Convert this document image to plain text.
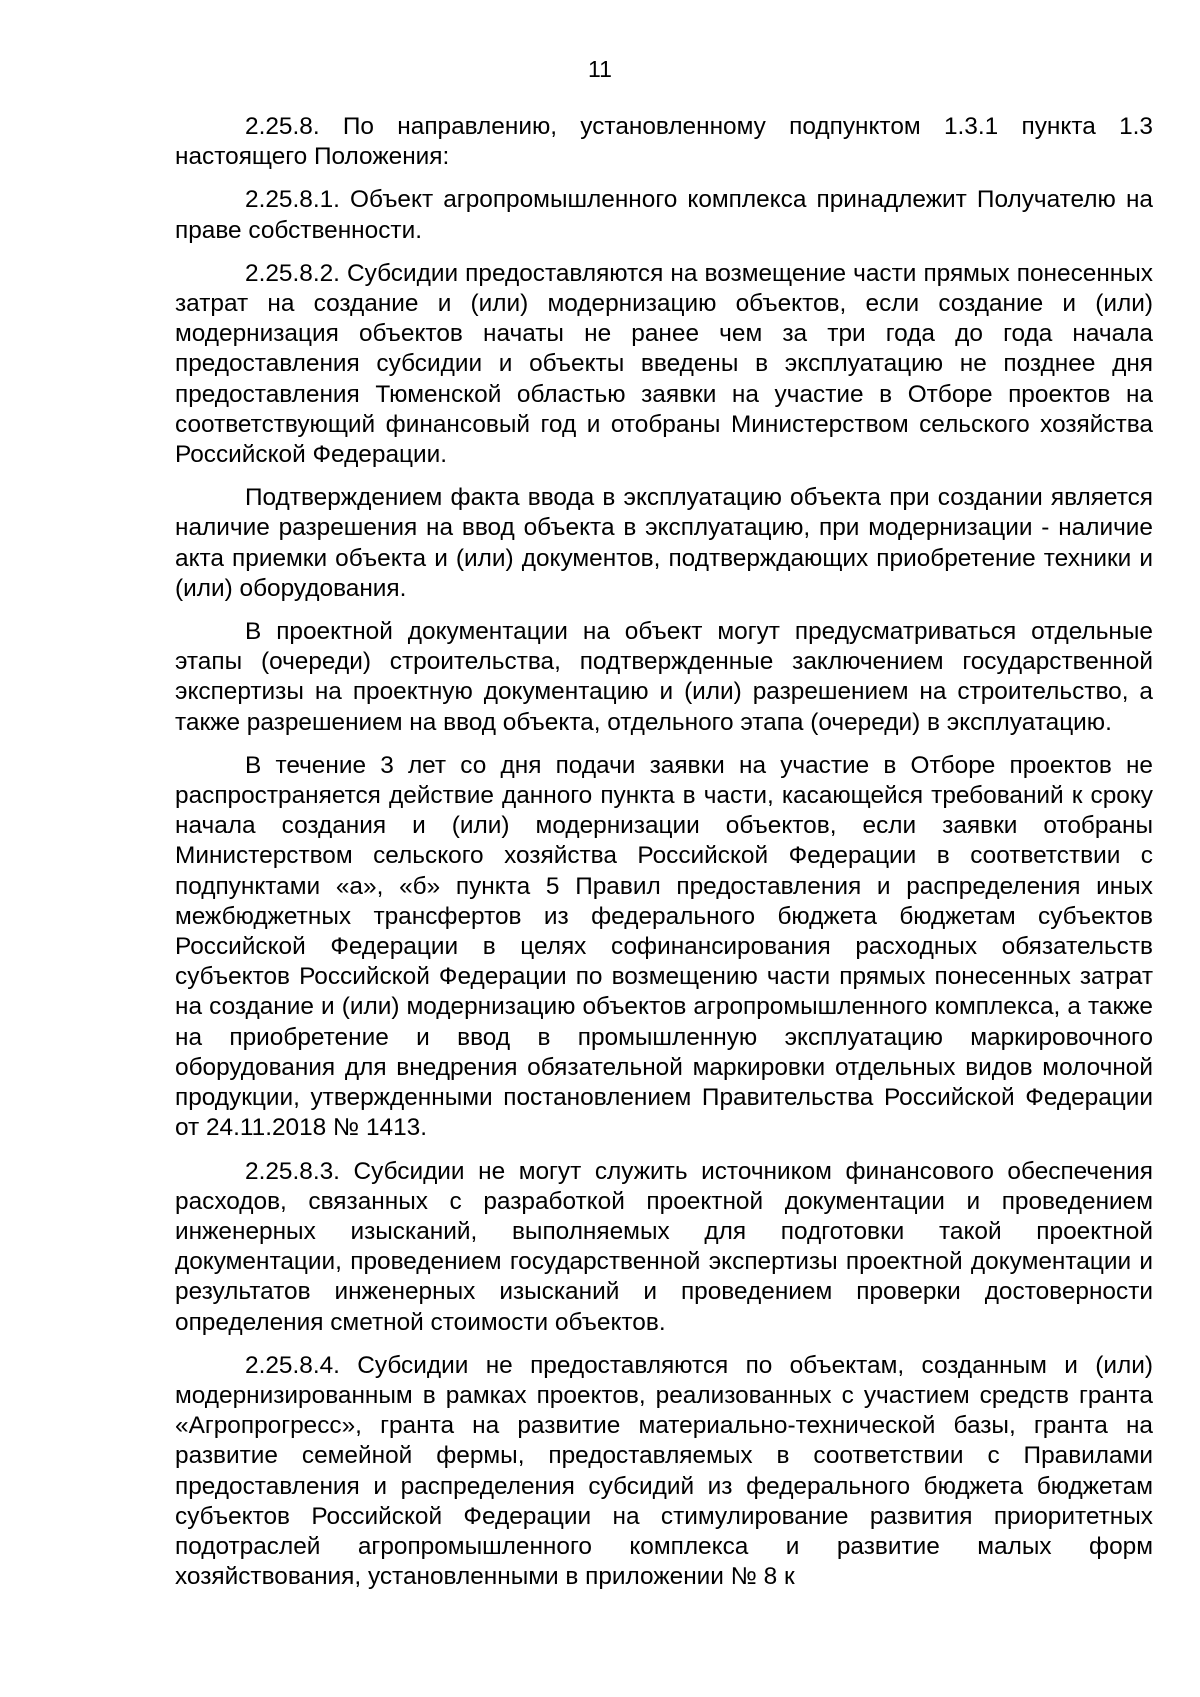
11

2.25.8. По направлению, установленному подпунктом 1.3.1 пункта 1.3 настоящего Положения:

2.25.8.1. Объект агропромышленного комплекса принадлежит Получателю на праве собственности.

2.25.8.2. Субсидии предоставляются на возмещение части прямых понесенных затрат на создание и (или) модернизацию объектов, если создание и (или) модернизация объектов начаты не ранее чем за три года до года начала предоставления субсидии и объекты введены в эксплуатацию не позднее дня предоставления Тюменской областью заявки на участие в Отборе проектов на соответствующий финансовый год и отобраны Министерством сельского хозяйства Российской Федерации.

Подтверждением факта ввода в эксплуатацию объекта при создании является наличие разрешения на ввод объекта в эксплуатацию, при модернизации - наличие акта приемки объекта и (или) документов, подтверждающих приобретение техники и (или) оборудования.

В проектной документации на объект могут предусматриваться отдельные этапы (очереди) строительства, подтвержденные заключением государственной экспертизы на проектную документацию и (или) разрешением на строительство, а также разрешением на ввод объекта, отдельного этапа (очереди) в эксплуатацию.

В течение 3 лет со дня подачи заявки на участие в Отборе проектов не распространяется действие данного пункта в части, касающейся требований к сроку начала создания и (или) модернизации объектов, если заявки отобраны Министерством сельского хозяйства Российской Федерации в соответствии с подпунктами «а», «б» пункта 5 Правил предоставления и распределения иных межбюджетных трансфертов из федерального бюджета бюджетам субъектов Российской Федерации в целях софинансирования расходных обязательств субъектов Российской Федерации по возмещению части прямых понесенных затрат на создание и (или) модернизацию объектов агропромышленного комплекса, а также на приобретение и ввод в промышленную эксплуатацию маркировочного оборудования для внедрения обязательной маркировки отдельных видов молочной продукции, утвержденными постановлением Правительства Российской Федерации от 24.11.2018 № 1413.

2.25.8.3. Субсидии не могут служить источником финансового обеспечения расходов, связанных с разработкой проектной документации и проведением инженерных изысканий, выполняемых для подготовки такой проектной документации, проведением государственной экспертизы проектной документации и результатов инженерных изысканий и проведением проверки достоверности определения сметной стоимости объектов.

2.25.8.4. Субсидии не предоставляются по объектам, созданным и (или) модернизированным в рамках проектов, реализованных с участием средств гранта «Агропрогресс», гранта на развитие материально-технической базы, гранта на развитие семейной фермы, предоставляемых в соответствии с Правилами предоставления и распределения субсидий из федерального бюджета бюджетам субъектов Российской Федерации на стимулирование развития приоритетных подотраслей агропромышленного комплекса и развитие малых форм хозяйствования, установленными в приложении № 8 к
